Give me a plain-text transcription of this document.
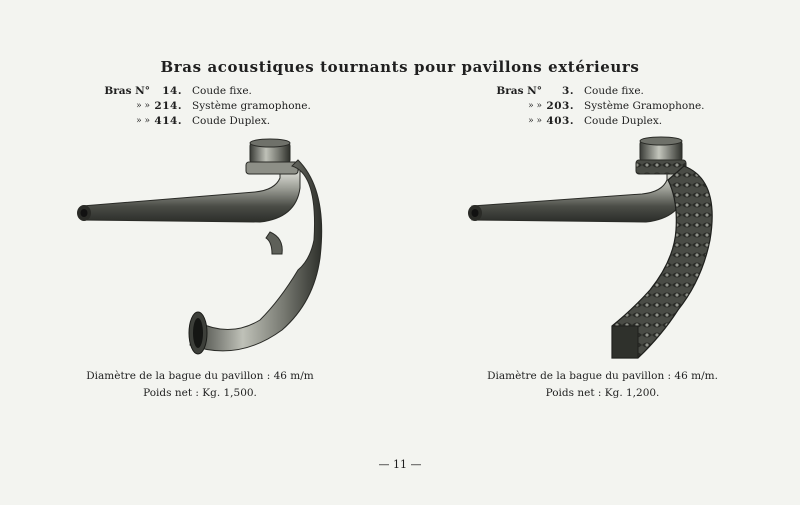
Bras acoustiques tournants pour pavillons extérieurs
Bras N°	14. Coude fixe.
» » 214. Système gramophone.
» » 414. Coude Duplex.
Bras N°	3. Coude fixe.
» » 203. Système Gramophone.
» » 403. Coude Duplex.
Diamètre de la bague du pavillon : 46 m/m
Poids net : Kg. 1,500.
Diamètre de la bague du pavillon : 46 m/m.
Poids net : Kg. 1,200.
— 11 —
